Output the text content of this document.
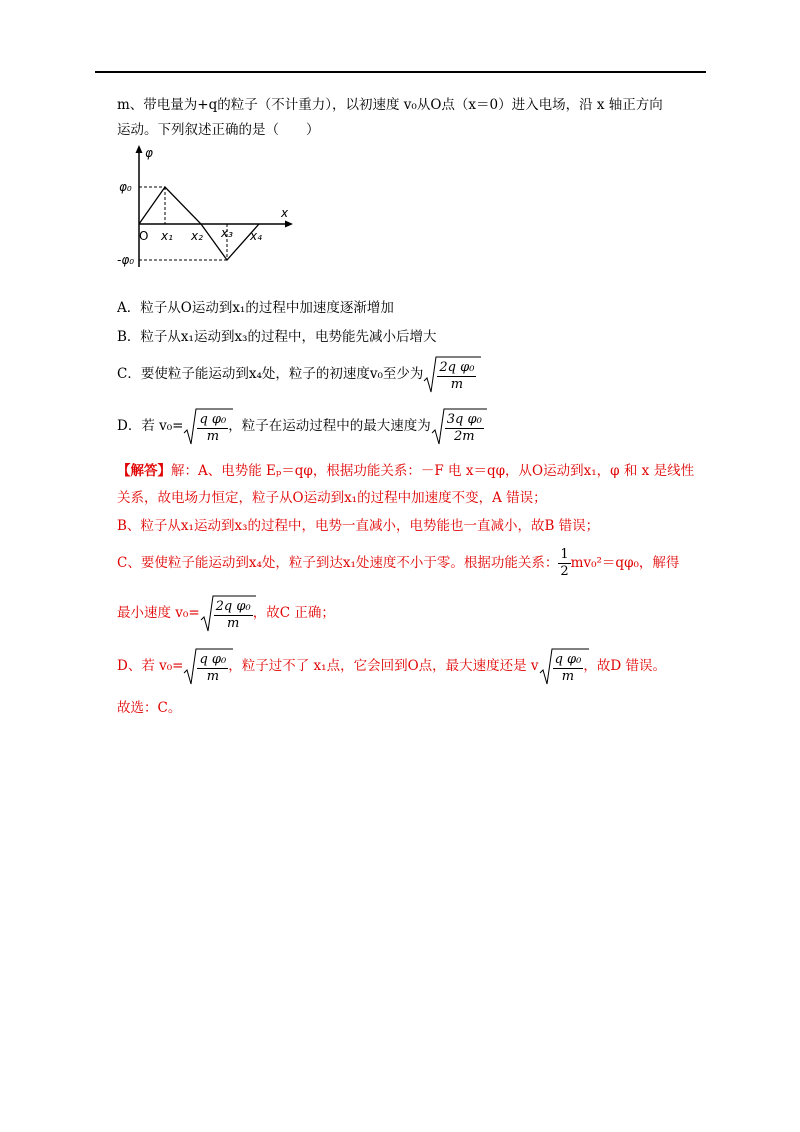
m、带电量为+q的粒子（不计重力），以初速度 v₀从O点（x＝0）进入电场，沿 x 轴正方向
运动。下列叙述正确的是（　　）
φ
x
φ₀
-φ₀
O x₁ x₂ x₃ x₄
A．粒子从O运动到x₁的过程中加速度逐渐增加
B．粒子从x₁运动到x₃的过程中，电势能先减小后增大
C．要使粒子能运动到x₄处，粒子的初速度v₀至少为 $\frac{\text{2q φ₀}}{m}$
D．若 $v_0= \frac{\text{q φ₀}}{m}$ ，粒子在运动过程中的最大速度为 $\frac{\text{3q φ₀}}{2m}$
【解答】解：A、电势能 Eₚ＝qφ，根据功能关系：－F 电 x＝qφ，从O运动到x₁，φ 和 x 是线性
关系，故电场力恒定，粒子从O运动到x₁的过程中加速度不变，A 错误；
B、粒子从x₁运动到x₃的过程中，电势一直减小，电势能也一直减小，故B 错误；
C、要使粒子能运动到x₄处，粒子到达x₁处速度不小于零。根据功能关系： $\frac{1}{2} mv_0^2=q\varphi_0$，解得
最小速度 $v_0= \frac{\text{2q φ₀}}{m}$ ，故C 正确；
D、若 $v_0= \frac{\text{q φ₀}}{m}$ ，粒子过不了 x₁点，它会回到O点，最大速度还是 v $\frac{\text{q φ₀}}{m}$ ，故D 错误。
故选：C。
